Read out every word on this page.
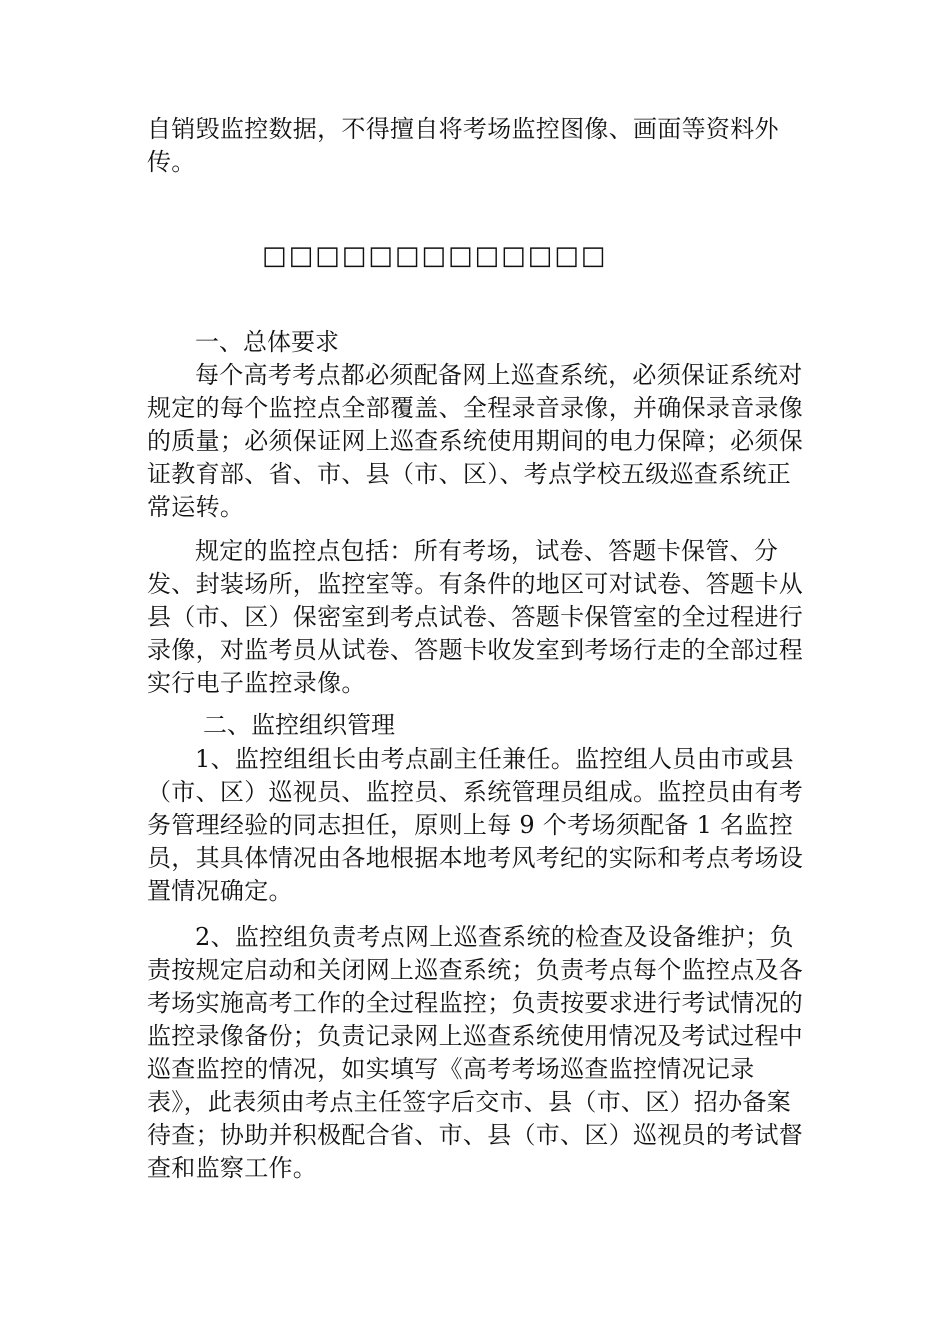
自销毁监控数据，不得擅自将考场监控图像、画面等资料外传。

□□□□□□□□□□□□□

一、总体要求

每个高考考点都必须配备网上巡查系统，必须保证系统对规定的每个监控点全部覆盖、全程录音录像，并确保录音录像的质量；必须保证网上巡查系统使用期间的电力保障；必须保证教育部、省、市、县（市、区）、考点学校五级巡查系统正常运转。

规定的监控点包括：所有考场，试卷、答题卡保管、分发、封装场所，监控室等。有条件的地区可对试卷、答题卡从县（市、区）保密室到考点试卷、答题卡保管室的全过程进行录像，对监考员从试卷、答题卡收发室到考场行走的全部过程实行电子监控录像。

二、监控组织管理

1、监控组组长由考点副主任兼任。监控组人员由市或县（市、区）巡视员、监控员、系统管理员组成。监控员由有考务管理经验的同志担任，原则上每 9 个考场须配备 1 名监控员，其具体情况由各地根据本地考风考纪的实际和考点考场设置情况确定。

2、监控组负责考点网上巡查系统的检查及设备维护；负责按规定启动和关闭网上巡查系统；负责考点每个监控点及各考场实施高考工作的全过程监控；负责按要求进行考试情况的监控录像备份；负责记录网上巡查系统使用情况及考试过程中巡查监控的情况，如实填写《高考考场巡查监控情况记录表》，此表须由考点主任签字后交市、县（市、区）招办备案待查；协助并积极配合省、市、县（市、区）巡视员的考试督查和监察工作。
